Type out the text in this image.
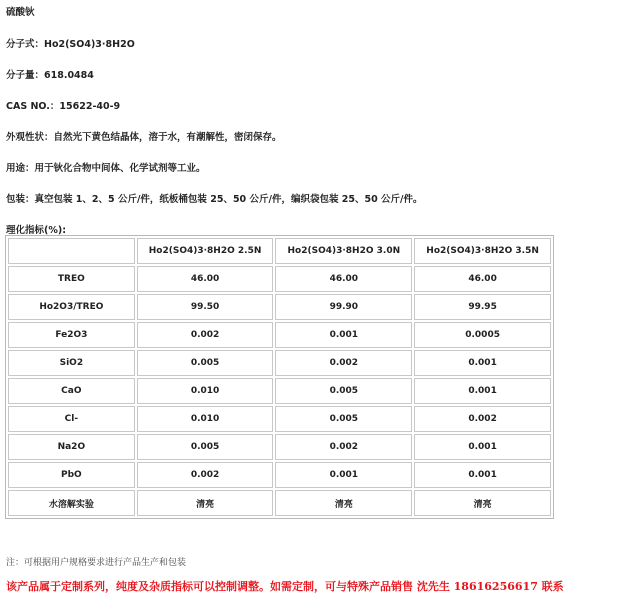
硫酸钬
分子式：Ho2(SO4)3·8H2O
分子量：618.0484
CAS NO.：15622-40-9
外观性状：自然光下黄色结晶体，溶于水，有潮解性，密闭保存。
用途：用于钬化合物中间体、化学试剂等工业。
包装：真空包装 1、2、5 公斤/件，纸板桶包装 25、50 公斤/件，编织袋包装 25、50 公斤/件。
理化指标(%):
	Ho2(SO4)3·8H2O 2.5N	Ho2(SO4)3·8H2O 3.0N	Ho2(SO4)3·8H2O 3.5N
TREO	46.00	46.00	46.00
Ho2O3/TREO	99.50	99.90	99.95
Fe2O3	0.002	0.001	0.0005
SiO2	0.005	0.002	0.001
CaO	0.010	0.005	0.001
Cl-	0.010	0.005	0.002
Na2O	0.005	0.002	0.001
PbO	0.002	0.001	0.001
水溶解实验	清亮	清亮	清亮
注：可根据用户规格要求进行产品生产和包装
该产品属于定制系列，纯度及杂质指标可以控制调整。如需定制，可与特殊产品销售 沈先生 18616256617 联系
